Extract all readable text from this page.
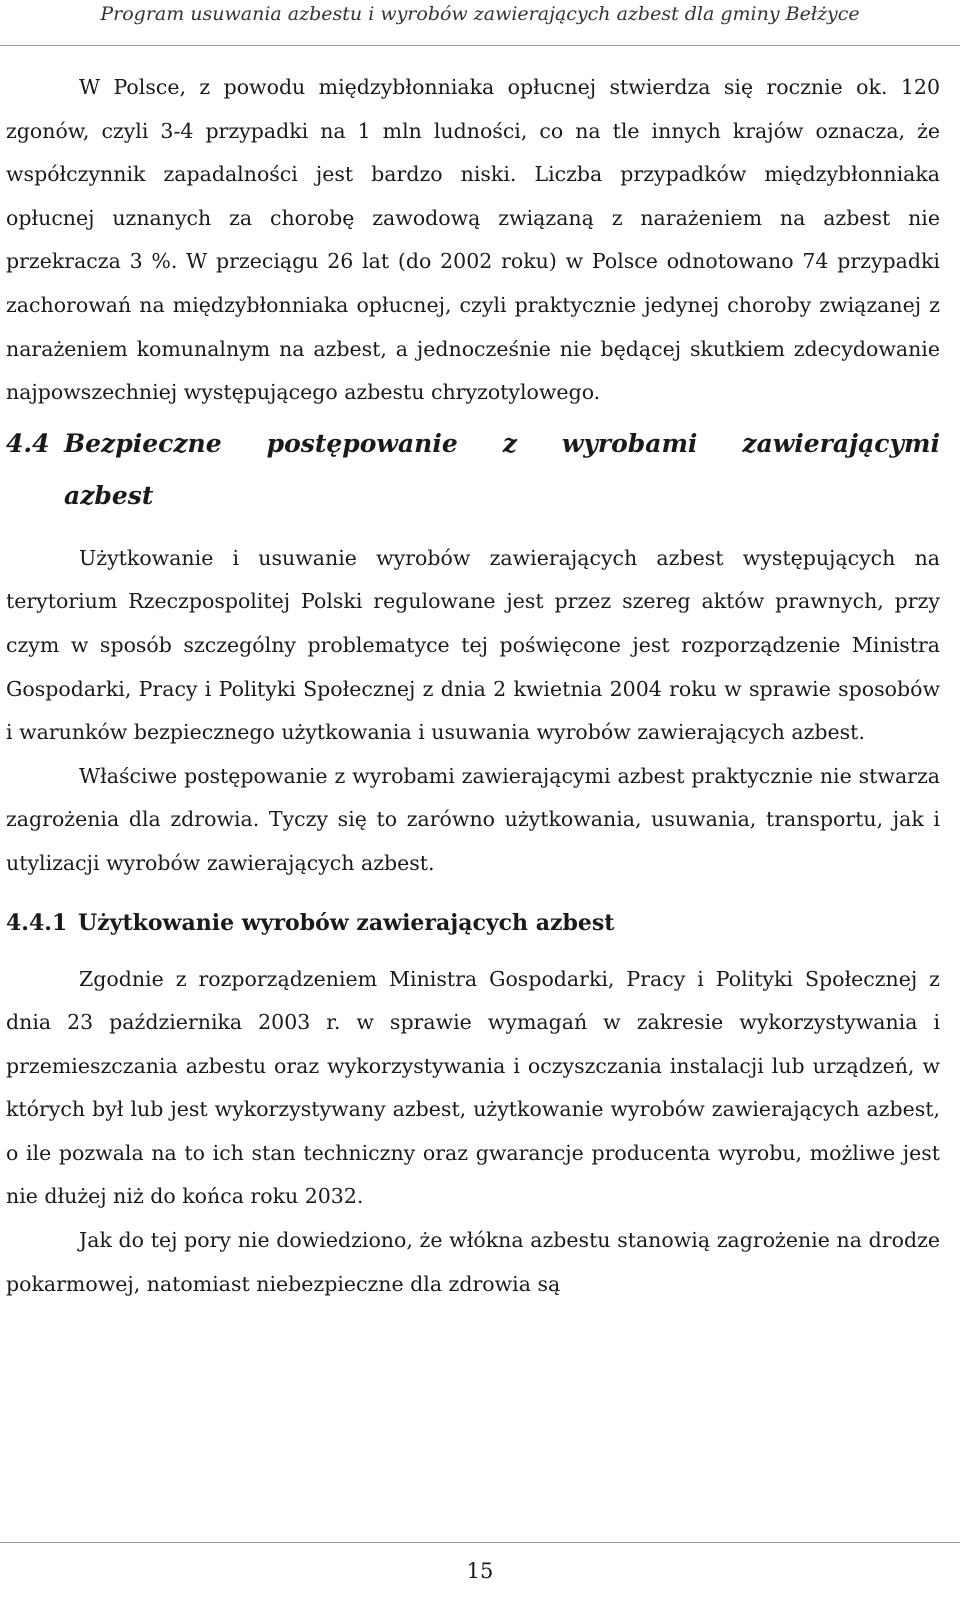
Program usuwania azbestu i wyrobów zawierających azbest dla gminy Bełżyce

W Polsce, z powodu międzybłonniaka opłucnej stwierdza się rocznie ok. 120 zgonów, czyli 3-4 przypadki na 1 mln ludności, co na tle innych krajów oznacza, że współczynnik zapadalności jest bardzo niski. Liczba przypadków międzybłonniaka opłucnej uznanych za chorobę zawodową związaną z narażeniem na azbest nie przekracza 3 %. W przeciągu 26 lat (do 2002 roku) w Polsce odnotowano 74 przypadki zachorowań na międzybłonniaka opłucnej, czyli praktycznie jedynej choroby związanej z narażeniem komunalnym na azbest, a jednocześnie nie będącej skutkiem zdecydowanie najpowszechniej występującego azbestu chryzotylowego.

4.4 Bezpieczne postępowanie z wyrobami zawierającymi
azbest

Użytkowanie i usuwanie wyrobów zawierających azbest występujących na terytorium Rzeczpospolitej Polski regulowane jest przez szereg aktów prawnych, przy czym w sposób szczególny problematyce tej poświęcone jest rozporządzenie Ministra Gospodarki, Pracy i Polityki Społecznej z dnia 2 kwietnia 2004 roku w sprawie sposobów i warunków bezpiecznego użytkowania i usuwania wyrobów zawierających azbest.

Właściwe postępowanie z wyrobami zawierającymi azbest praktycznie nie stwarza zagrożenia dla zdrowia. Tyczy się to zarówno użytkowania, usuwania, transportu, jak i utylizacji wyrobów zawierających azbest.

4.4.1 Użytkowanie wyrobów zawierających azbest

Zgodnie z rozporządzeniem Ministra Gospodarki, Pracy i Polityki Społecznej z dnia 23 października 2003 r. w sprawie wymagań w zakresie wykorzystywania i przemieszczania azbestu oraz wykorzystywania i oczyszczania instalacji lub urządzeń, w których był lub jest wykorzystywany azbest, użytkowanie wyrobów zawierających azbest, o ile pozwala na to ich stan techniczny oraz gwarancje producenta wyrobu, możliwe jest nie dłużej niż do końca roku 2032.

Jak do tej pory nie dowiedziono, że włókna azbestu stanowią zagrożenie na drodze pokarmowej, natomiast niebezpieczne dla zdrowia są

15
